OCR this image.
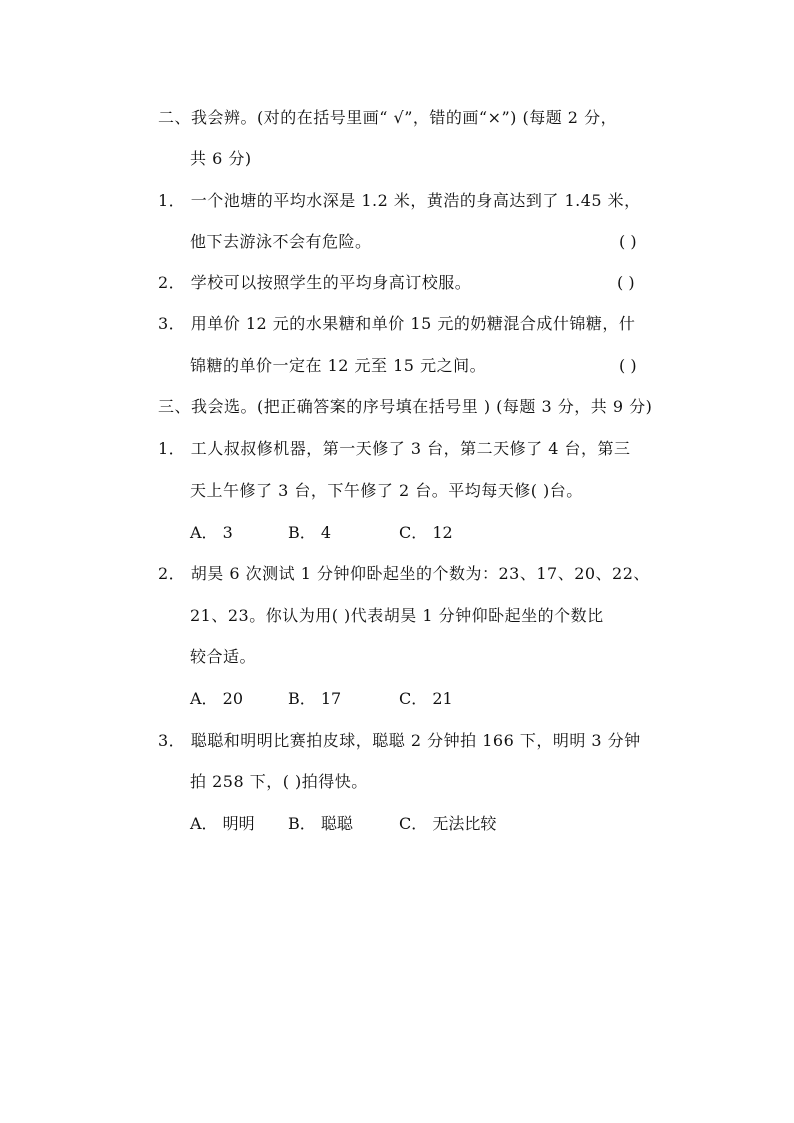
二、我会辨。(对的在括号里画“ √”，错的画“×”) (每题 2 分，
共 6 分)
1． 一个池塘的平均水深是 1.2 米，黄浩的身高达到了 1.45 米，
他下去游泳不会有危险。	( )
2． 学校可以按照学生的平均身高订校服。	( )
3． 用单价 12 元的水果糖和单价 15 元的奶糖混合成什锦糖，什
锦糖的单价一定在 12 元至 15 元之间。	( )
三、我会选。(把正确答案的序号填在括号里 ) (每题 3 分，共 9 分)
1． 工人叔叔修机器，第一天修了 3 台，第二天修了 4 台，第三
天上午修了 3 台，下午修了 2 台。平均每天修( )台。
A． 3	B． 4	C． 12
2． 胡昊 6 次测试 1 分钟仰卧起坐的个数为：23、17、20、22、
21、23。你认为用( )代表胡昊 1 分钟仰卧起坐的个数比
较合适。
A． 20	B． 17	C． 21
3． 聪聪和明明比赛拍皮球，聪聪 2 分钟拍 166 下，明明 3 分钟
拍 258 下，( )拍得快。
A． 明明 B． 聪聪	C． 无法比较
